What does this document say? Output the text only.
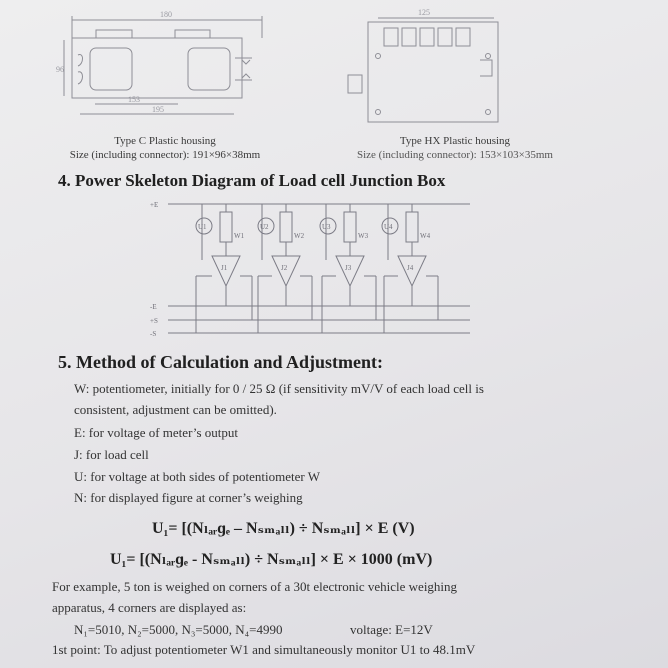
180
153
195
96
125
Type C Plastic housing
Size (including connector): 191×96×38mm
Type HX Plastic housing
Size (including connector): 153×103×35mm
4. Power Skeleton Diagram of Load cell Junction Box
+E
-E
+S
-S
U1	U2	U3	U4
W1	W2	W3	W4
J1	J2	J3	J4
5. Method of Calculation and Adjustment:
W: potentiometer, initially for 0 / 25 Ω (if sensitivity mV/V of each load cell is
consistent, adjustment can be omitted).
E: for voltage of meter’s output
J: for load cell
U: for voltage at both sides of potentiometer W
N: for displayed figure at corner’s weighing
U₁= [(Nₗₐᵣɡₑ – Nₛₘₐₗₗ) ÷ Nₛₘₐₗₗ] × E (V)
U₁= [(Nₗₐᵣɡₑ - Nₛₘₐₗₗ) ÷ Nₛₘₐₗₗ] × E × 1000 (mV)
For example, 5 ton is weighed on corners of a 30t electronic vehicle weighing
apparatus, 4 corners are displayed as:
N₁=5010, N₂=5000, N₃=5000, N₄=4990	voltage: E=12V
1st point: To adjust potentiometer W1 and simultaneously monitor U1 to 48.1mV
